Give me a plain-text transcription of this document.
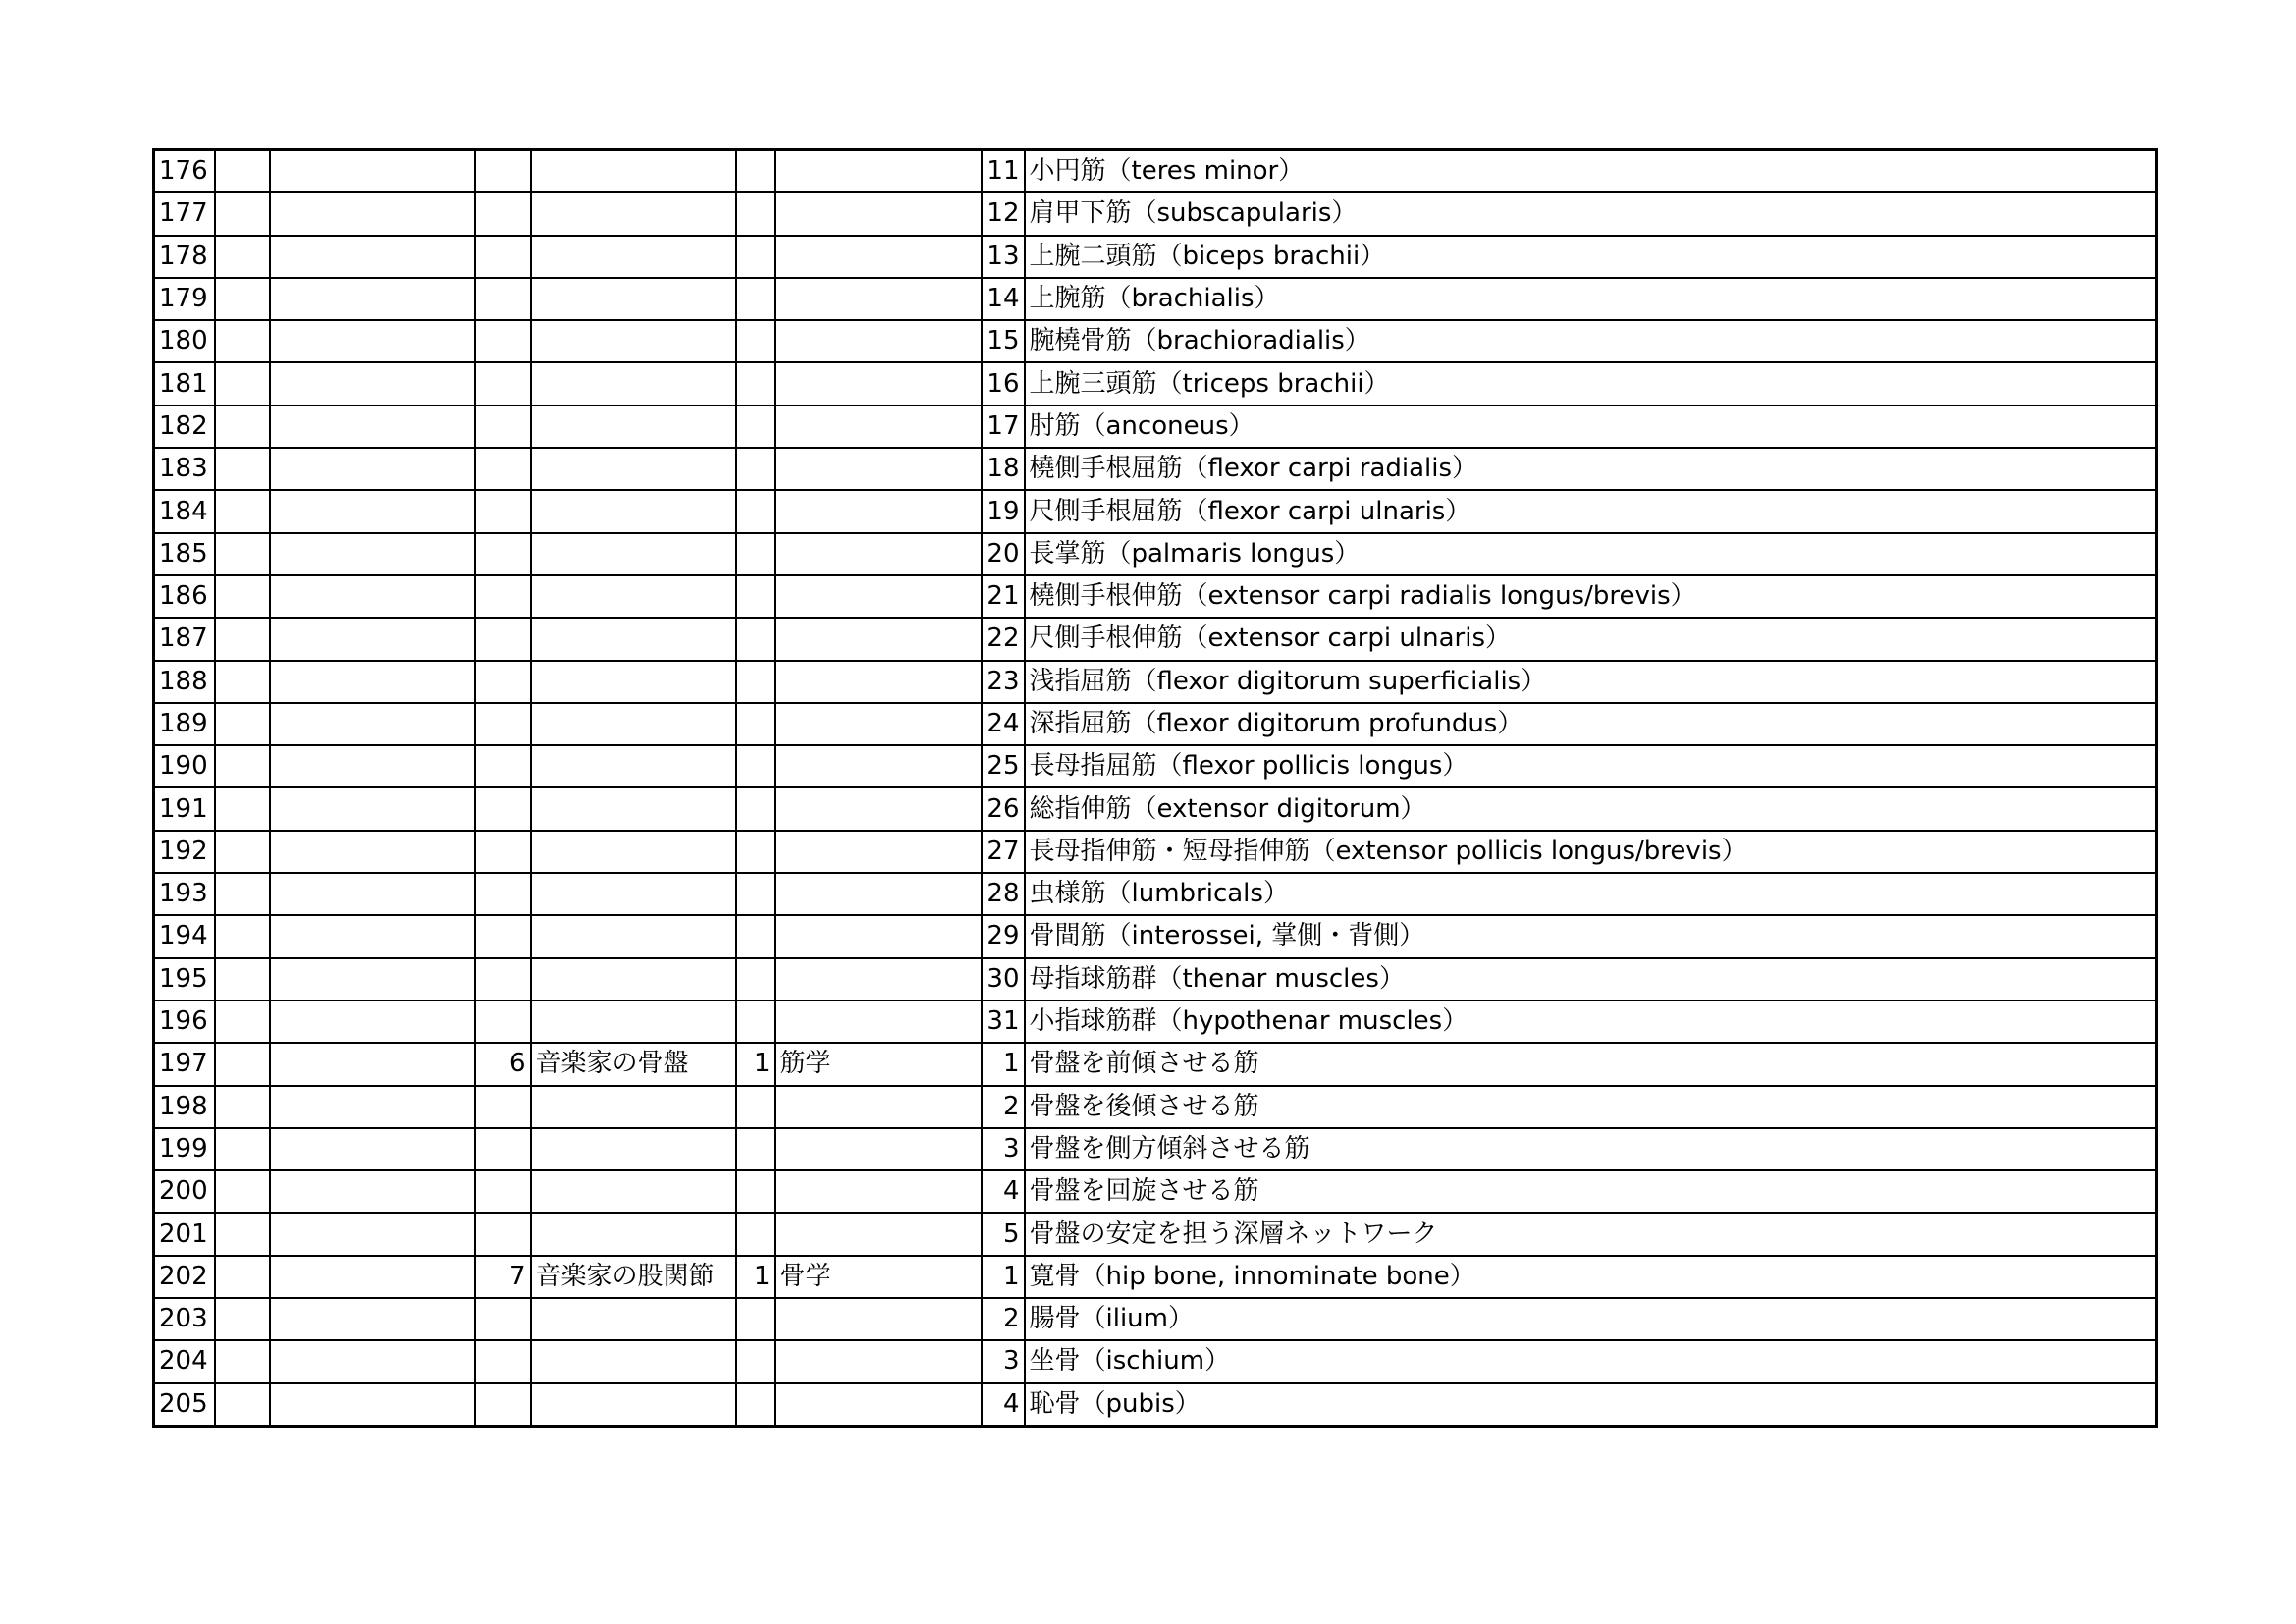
176							11	小円筋（teres minor）
177							12	肩甲下筋（subscapularis）
178							13	上腕二頭筋（biceps brachii）
179							14	上腕筋（brachialis）
180							15	腕橈骨筋（brachioradialis）
181							16	上腕三頭筋（triceps brachii）
182							17	肘筋（anconeus）
183							18	橈側手根屈筋（flexor carpi radialis）
184							19	尺側手根屈筋（flexor carpi ulnaris）
185							20	長掌筋（palmaris longus）
186							21	橈側手根伸筋（extensor carpi radialis longus/brevis）
187							22	尺側手根伸筋（extensor carpi ulnaris）
188							23	浅指屈筋（flexor digitorum superficialis）
189							24	深指屈筋（flexor digitorum profundus）
190							25	長母指屈筋（flexor pollicis longus）
191							26	総指伸筋（extensor digitorum）
192							27	長母指伸筋・短母指伸筋（extensor pollicis longus/brevis）
193							28	虫様筋（lumbricals）
194							29	骨間筋（interossei, 掌側・背側）
195							30	母指球筋群（thenar muscles）
196							31	小指球筋群（hypothenar muscles）
197			6	音楽家の骨盤	1	筋学	1	骨盤を前傾させる筋
198							2	骨盤を後傾させる筋
199							3	骨盤を側方傾斜させる筋
200							4	骨盤を回旋させる筋
201							5	骨盤の安定を担う深層ネットワーク
202			7	音楽家の股関節	1	骨学	1	寛骨（hip bone, innominate bone）
203							2	腸骨（ilium）
204							3	坐骨（ischium）
205							4	恥骨（pubis）
